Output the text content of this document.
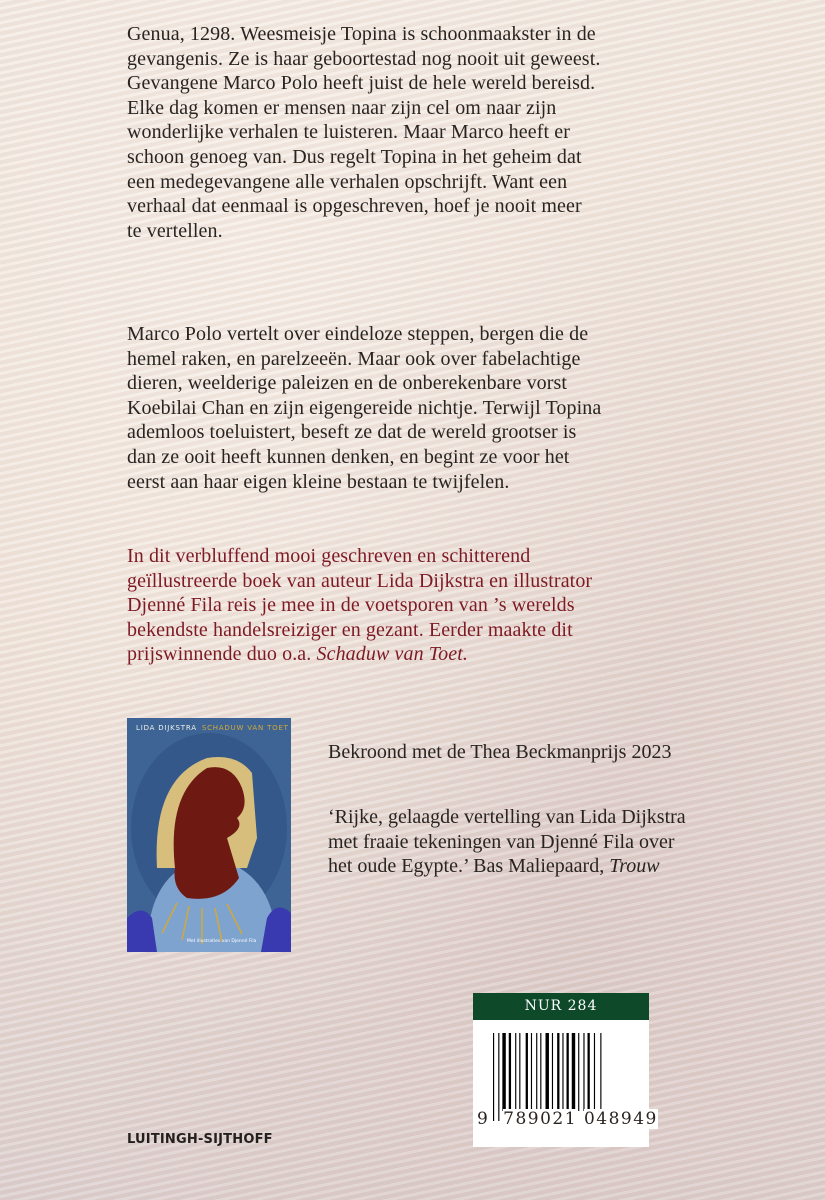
Genua, 1298. Weesmeisje Topina is schoonmaakster in de
gevangenis. Ze is haar geboortestad nog nooit uit geweest.
Gevangene Marco Polo heeft juist de hele wereld bereisd.
Elke dag komen er mensen naar zijn cel om naar zijn
wonderlijke verhalen te luisteren. Maar Marco heeft er
schoon genoeg van. Dus regelt Topina in het geheim dat
een medegevangene alle verhalen opschrijft. Want een
verhaal dat eenmaal is opgeschreven, hoef je nooit meer
te vertellen.
Marco Polo vertelt over eindeloze steppen, bergen die de
hemel raken, en parelzeeën. Maar ook over fabelachtige
dieren, weelderige paleizen en de onberekenbare vorst
Koebilai Chan en zijn eigengereide nichtje. Terwijl Topina
ademloos toeluistert, beseft ze dat de wereld grootser is
dan ze ooit heeft kunnen denken, en begint ze voor het
eerst aan haar eigen kleine bestaan te twijfelen.
In dit verbluffend mooi geschreven en schitterend
geïllustreerde boek van auteur Lida Dijkstra en illustrator
Djenné Fila reis je mee in de voetsporen van ’s werelds
bekendste handelsreiziger en gezant. Eerder maakte dit
prijswinnende duo o.a. Schaduw van Toet.
LIDA DIJKSTRA SCHADUW VAN TOET
Met illustraties van Djenné Fila
Bekroond met de Thea Beckmanprijs 2023
‘Rijke, gelaagde vertelling van Lida Dijkstra
met fraaie tekeningen van Djenné Fila over
het oude Egypte.’ Bas Maliepaard, Trouw
NUR 284
9 789021 048949
LUITINGH-SIJTHOFF
